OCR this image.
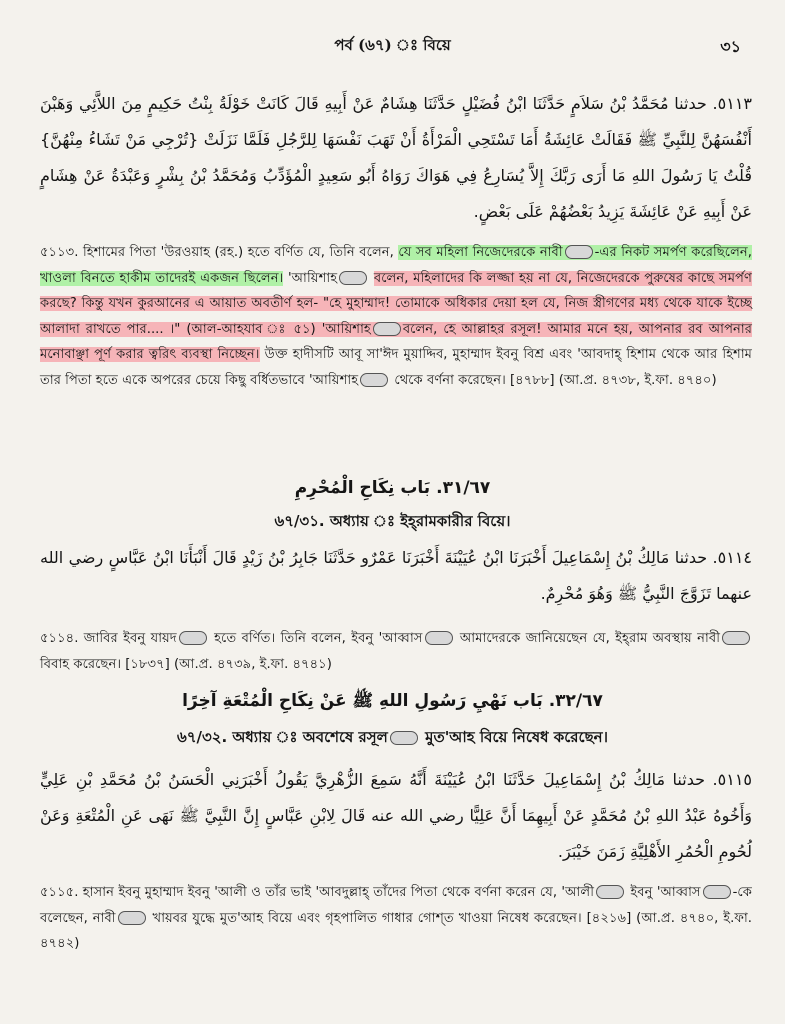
পর্ব (৬৭) ঃ বিয়ে	৩১
٥١١٣. حدثنا مُحَمَّدُ بْنُ سَلاَمٍ حَدَّثَنَا ابْنُ فُضَيْلٍ حَدَّثَنَا هِشَامٌ عَنْ أَبِيهِ قَالَ كَانَتْ خَوْلَةُ بِنْتُ حَكِيمٍ مِنَ اللاَّئِي وَهَبْنَ أَنْفُسَهُنَّ لِلنَّبِيِّ ﷺ فَقَالَتْ عَائِشَةُ أَمَا تَسْتَحِي الْمَرْأَةُ أَنْ تَهَبَ نَفْسَهَا لِلرَّجُلِ فَلَمَّا نَزَلَتْ {تُرْجِي مَنْ تَشَاءُ مِنْهُنَّ} قُلْتُ يَا رَسُولَ اللهِ مَا أَرَى رَبَّكَ إِلاَّ يُسَارِعُ فِي هَوَاكَ رَوَاهُ أَبُو سَعِيدٍ الْمُؤَدِّبُ وَمُحَمَّدُ بْنُ بِشْرٍ وَعَبْدَةُ عَنْ هِشَامٍ عَنْ أَبِيهِ عَنْ عَائِشَةَ يَزِيدُ بَعْضُهُمْ عَلَى بَعْضٍ.
৫১১৩. হিশামের পিতা 'উরওয়াহ (রহ.) হতে বর্ণিত যে, তিনি বলেন, যে সব মহিলা নিজেদেরকে নাবী -এর নিকট সমর্পণ করেছিলেন, খাওলা বিনতে হাকীম তাদেরই একজন ছিলেন। 'আয়িশাহ	বলেন, মহিলাদের কি লজ্জা হয় না যে, নিজেদেরকে পুরুষের কাছে সমর্পণ করছে? কিন্তু যখন কুরআনের এ আয়াত অবতীর্ণ হল- "হে মুহাম্মাদ! তোমাকে অধিকার দেয়া হল যে, নিজ স্ত্রীগণের মধ্য থেকে যাকে ইচ্ছে আলাদা রাখতে পার.... ।" (আল-আহযাব ঃ ৫১) 'আয়িশাহ বলেন, হে আল্লাহর রসূল! আমার মনে হয়, আপনার রব আপনার মনোবাঞ্ছা পূর্ণ করার ত্বরিৎ ব্যবস্থা নিচ্ছেন। উক্ত হাদীসটি আবূ সা'ঈদ মুয়াদ্দিব, মুহাম্মাদ ইবনু বিশ্র এবং 'আবদাহ্‌ হিশাম থেকে আর হিশাম তার পিতা হতে একে অপরের চেয়ে কিছু বর্ধিতভাবে 'আয়িশাহ	থেকে বর্ণনা করেছেন। [৪৭৮৮] (আ.প্র. ৪৭৩৮, ই.ফা. ৪৭৪০)
٣١/٦٧. بَاب نِكَاحِ الْمُحْرِمِ
৬৭/৩১. অধ্যায় ঃ ইহ্‌রামকারীর বিয়ে।
٥١١٤. حدثنا مَالِكُ بْنُ إِسْمَاعِيلَ أَخْبَرَنَا ابْنُ عُيَيْنَةَ أَخْبَرَنَا عَمْرٌو حَدَّثَنَا جَابِرُ بْنُ زَيْدٍ قَالَ أَنْبَأَنَا ابْنُ عَبَّاسٍ رضي الله عنهما تَزَوَّجَ النَّبِيُّ ﷺ وَهُوَ مُحْرِمٌ.
৫১১৪. জাবির ইবনু যায়দ	হতে বর্ণিত। তিনি বলেন, ইবনু 'আব্বাস	আমাদেরকে জানিয়েছেন যে, ইহ্‌রাম অবস্থায় নাবী বিবাহ করেছেন। [১৮৩৭] (আ.প্র. ৪৭৩৯, ই.ফা. ৪৭৪১)
٣٢/٦٧. بَاب نَهْيِ رَسُولِ اللهِ ﷺ عَنْ نِكَاحِ الْمُتْعَةِ آخِرًا
৬৭/৩২. অধ্যায় ঃ অবশেষে রসূল মুত'আহ বিয়ে নিষেধ করেছেন।
٥١١٥. حدثنا مَالِكُ بْنُ إِسْمَاعِيلَ حَدَّثَنَا ابْنُ عُيَيْنَةَ أَنَّهُ سَمِعَ الزُّهْرِيَّ يَقُولُ أَخْبَرَنِي الْحَسَنُ بْنُ مُحَمَّدِ بْنِ عَلِيٍّ وَأَخُوهُ عَبْدُ اللهِ بْنُ مُحَمَّدٍ عَنْ أَبِيهِمَا أَنَّ عَلِيًّا رضي الله عنه قَالَ لِابْنِ عَبَّاسٍ إِنَّ النَّبِيَّ ﷺ نَهَى عَنِ الْمُتْعَةِ وَعَنْ لُحُومِ الْحُمُرِ الأَهْلِيَّةِ زَمَنَ خَيْبَرَ.
৫১১৫. হাসান ইবনু মুহাম্মাদ ইবনু 'আলী ও তাঁর ভাই 'আবদুল্লাহ্‌ তাঁদের পিতা থেকে বর্ণনা করেন যে, 'আলী	ইবনু 'আব্বাস -কে বলেছেন, নাবী	খায়বর যুদ্ধে মুত'আহ বিয়ে এবং গৃহপালিত গাধার গোশ্‌ত খাওয়া নিষেধ করেছেন। [৪২১৬] (আ.প্র. ৪৭৪০, ই.ফা. ৪৭৪২)
